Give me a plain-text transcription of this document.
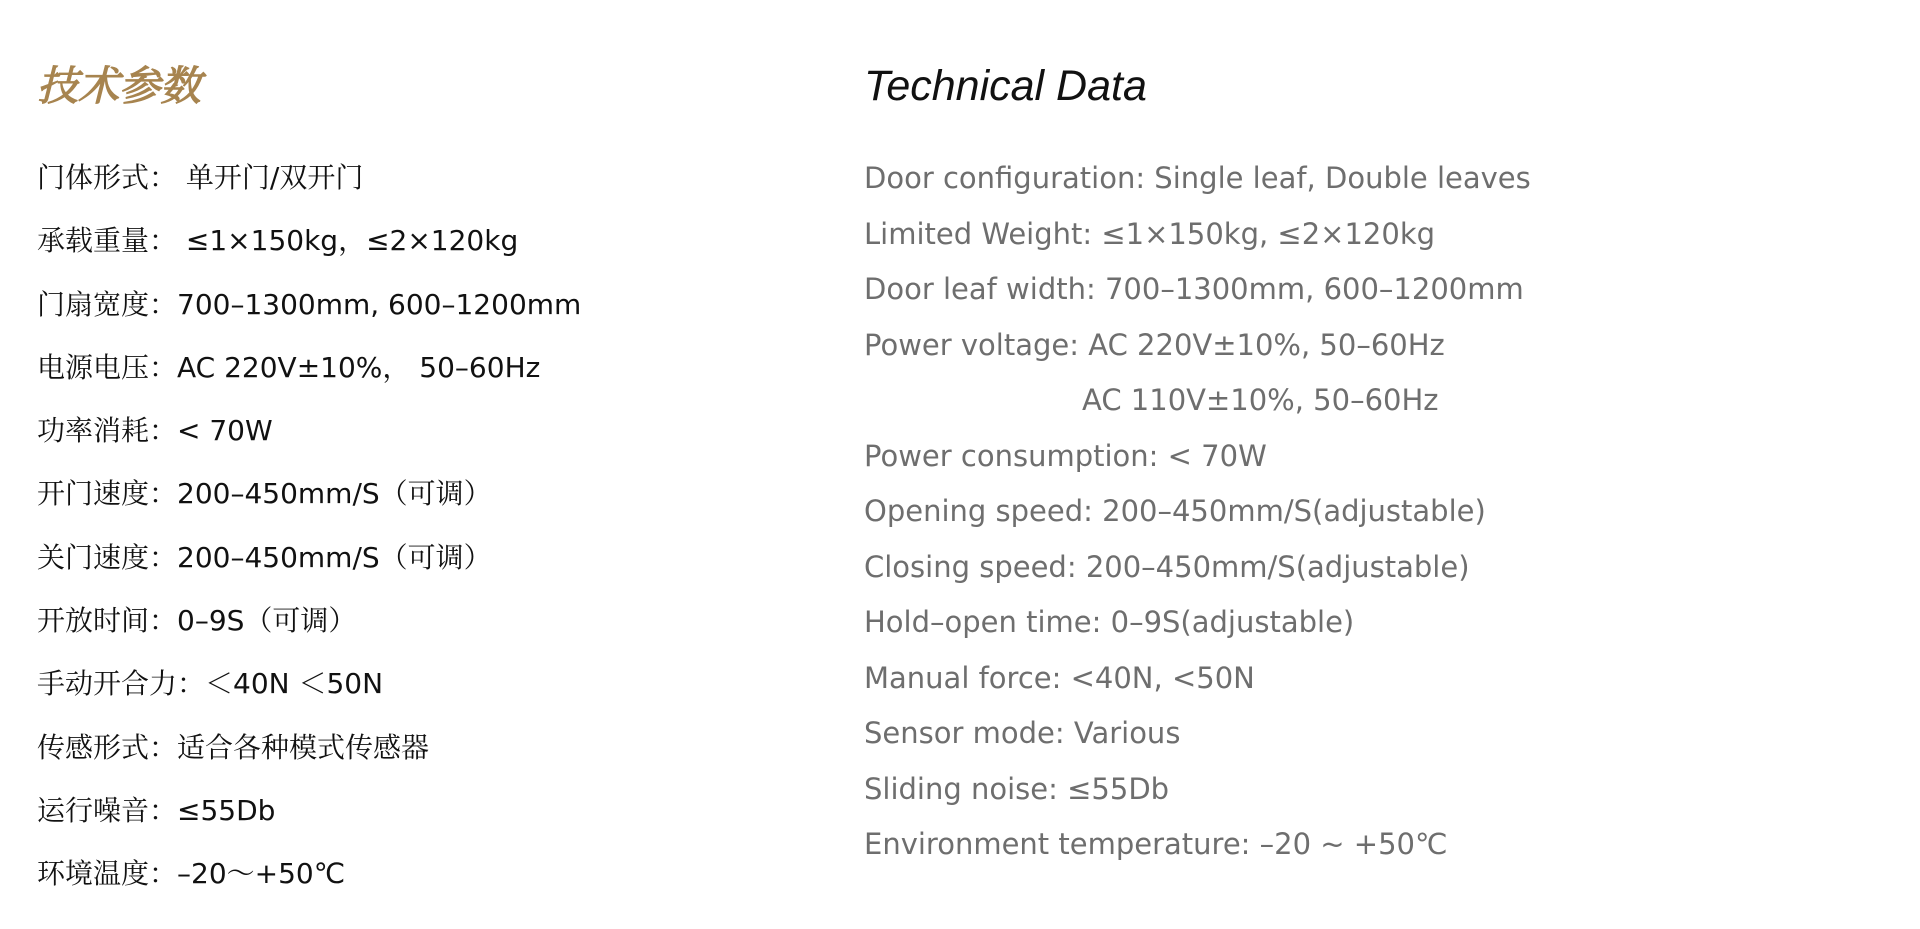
技术参数
门体形式： 单开门/双开门
承载重量： ≤1×150kg，≤2×120kg
门扇宽度：700–1300mm, 600–1200mm
电源电压：AC 220V±10%， 50–60Hz
功率消耗：< 70W
开门速度：200–450mm/S（可调）
关门速度：200–450mm/S（可调）
开放时间：0–9S（可调）
手动开合力：＜40N ＜50N
传感形式：适合各种模式传感器
运行噪音：≤55Db
环境温度：–20～+50℃
Technical Data
Door configuration: Single leaf, Double leaves
Limited Weight: ≤1×150kg, ≤2×120kg
Door leaf width: 700–1300mm, 600–1200mm
Power voltage: AC 220V±10%, 50–60Hz
AC 110V±10%, 50–60Hz
Power consumption: < 70W
Opening speed: 200–450mm/S(adjustable)
Closing speed: 200–450mm/S(adjustable)
Hold–open time: 0–9S(adjustable)
Manual force: <40N, <50N
Sensor mode: Various
Sliding noise: ≤55Db
Environment temperature: –20 ~ +50℃
